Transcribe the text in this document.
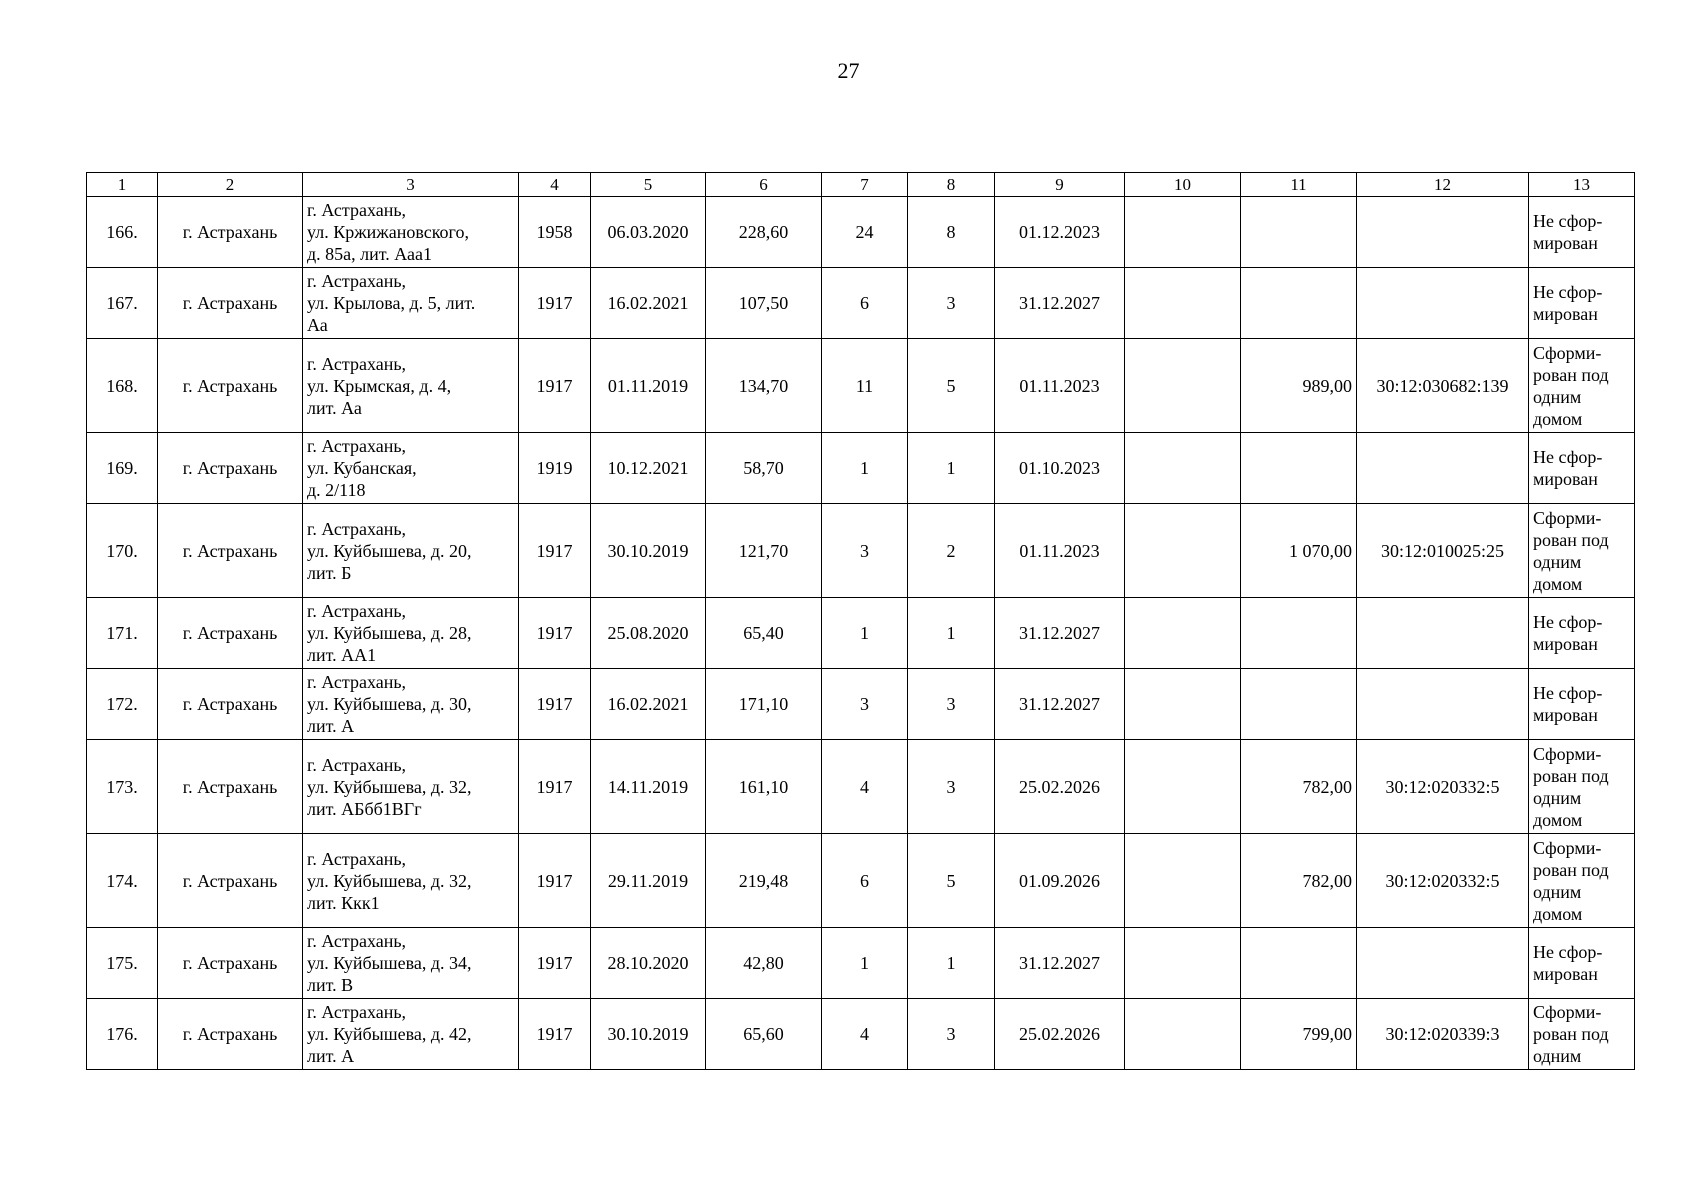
27
1	2	3	4	5	6	7	8	9	10	11	12	13
166.	г. Астрахань	г. Астрахань,
ул. Кржижановского,
д. 85а, лит. Ааа1	1958	06.03.2020	228,60	24	8	01.12.2023				Не сфор-
мирован

167.	г. Астрахань	г. Астрахань,
ул. Крылова, д. 5, лит.
Аа	1917	16.02.2021	107,50	6	3	31.12.2027				Не сфор-
мирован

168.	г. Астрахань	г. Астрахань,
ул. Крымская, д. 4,
лит. Аа	1917	01.11.2019	134,70	11	5	01.11.2023		989,00	30:12:030682:139	Сформи-
рован под
одним
домом

169.	г. Астрахань	г. Астрахань,
ул. Кубанская,
д. 2/118	1919	10.12.2021	58,70	1	1	01.10.2023				Не сфор-
мирован

170.	г. Астрахань	г. Астрахань,
ул. Куйбышева, д. 20,
лит. Б	1917	30.10.2019	121,70	3	2	01.11.2023		1 070,00	30:12:010025:25	Сформи-
рован под
одним
домом

171.	г. Астрахань	г. Астрахань,
ул. Куйбышева, д. 28,
лит. АА1	1917	25.08.2020	65,40	1	1	31.12.2027				Не сфор-
мирован

172.	г. Астрахань	г. Астрахань,
ул. Куйбышева, д. 30,
лит. А	1917	16.02.2021	171,10	3	3	31.12.2027				Не сфор-
мирован

173.	г. Астрахань	г. Астрахань,
ул. Куйбышева, д. 32,
лит. АБбб1ВГг	1917	14.11.2019	161,10	4	3	25.02.2026		782,00	30:12:020332:5	Сформи-
рован под
одним
домом

174.	г. Астрахань	г. Астрахань,
ул. Куйбышева, д. 32,
лит. Ккк1	1917	29.11.2019	219,48	6	5	01.09.2026		782,00	30:12:020332:5	Сформи-
рован под
одним
домом

175.	г. Астрахань	г. Астрахань,
ул. Куйбышева, д. 34,
лит. В	1917	28.10.2020	42,80	1	1	31.12.2027				Не сфор-
мирован

176.	г. Астрахань	г. Астрахань,
ул. Куйбышева, д. 42,
лит. А	1917	30.10.2019	65,60	4	3	25.02.2026		799,00	30:12:020339:3	Сформи-
рован под
одним
